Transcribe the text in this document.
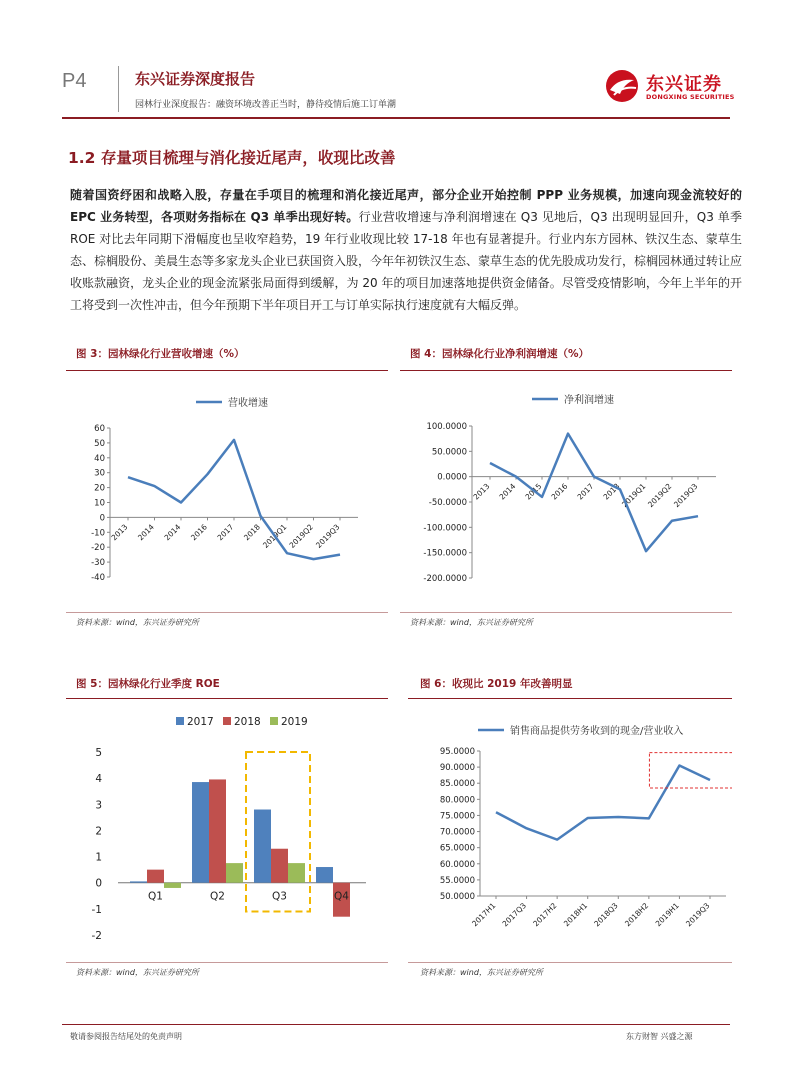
P4	东兴证券深度报告
园林行业深度报告：融资环境改善正当时，静待疫情后施工订单潮
东兴证券
DONGXING SECURITIES
1.2 存量项目梳理与消化接近尾声，收现比改善
随着国资纾困和战略入股，存量在手项目的梳理和消化接近尾声，部分企业开始控制 PPP 业务规模，加速向现金流较好的 EPC 业务转型，各项财务指标在 Q3 单季出现好转。行业营收增速与净利润增速在 Q3 见地后，Q3 出现明显回升，Q3 单季 ROE 对比去年同期下滑幅度也呈收窄趋势，19 年行业收现比较 17-18 年也有显著提升。行业内东方园林、铁汉生态、蒙草生态、棕榈股份、美晨生态等多家龙头企业已获国资入股，今年年初铁汉生态、蒙草生态的优先股成功发行，棕榈园林通过转让应收账款融资，龙头企业的现金流紧张局面得到缓解，为 20 年的项目加速落地提供资金储备。尽管受疫情影响，今年上半年的开工将受到一次性冲击，但今年预期下半年项目开工与订单实际执行速度就有大幅反弹。
图 3：园林绿化行业营收增速（%）
营收增速
60
50
40
30
20
10
0
-10
-20
-30
-40
2013 2014 2014 2016 2017 2018 2019Q1 2019Q2 2019Q3
资料来源：wind，东兴证券研究所
图 4：园林绿化行业净利润增速（%）
净利润增速
100.0000
50.0000
0.0000
-50.0000
-100.0000
-150.0000
-200.0000
2013 2014 2015 2016 2017 2018
2019Q1
2019Q2
2019Q3
资料来源：wind，东兴证券研究所
图 5：园林绿化行业季度 ROE
2017 2018 2019
5
4
3
2
1
0
-1
-2
Q1	Q2	Q3	Q4
资料来源：wind，东兴证券研究所
图 6：收现比 2019 年改善明显
销售商品提供劳务收到的现金/营业收入
95.0000
90.0000
85.0000
80.0000
75.0000
70.0000
65.0000
60.0000
55.0000
50.0000
2017H1 2017Q3 2017H2 2018H1 2018Q3 2018H2 2019H1 2019Q3
资料来源：wind，东兴证券研究所
敬请参阅报告结尾处的免责声明	东方财智 兴盛之源
